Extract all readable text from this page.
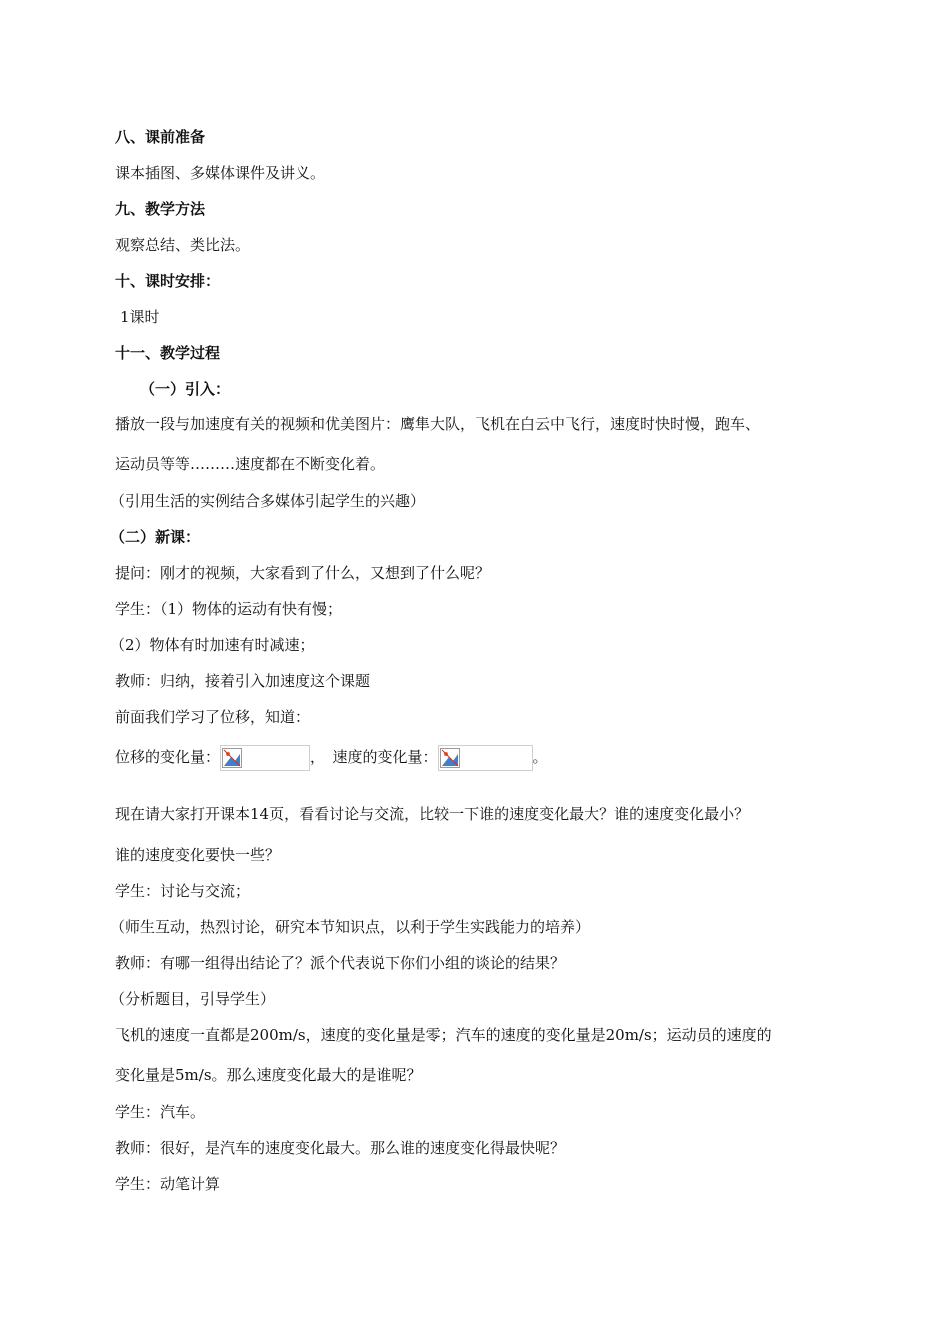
八、课前准备
课本插图、多媒体课件及讲义。
九、教学方法
观察总结、类比法。
十、课时安排：
1课时
十一、教学过程
（一）引入：
播放一段与加速度有关的视频和优美图片：鹰隼大队，飞机在白云中飞行，速度时快时慢，跑车、
运动员等等………速度都在不断变化着。
（引用生活的实例结合多媒体引起学生的兴趣）
（二）新课：
提问：刚才的视频，大家看到了什么，又想到了什么呢？
学生：（1）物体的运动有快有慢；
（2）物体有时加速有时减速；
教师：归纳，接着引入加速度这个课题
前面我们学习了位移，知道：
位移的变化量：	，　速度的变化量：	。
现在请大家打开课本14页，看看讨论与交流，比较一下谁的速度变化最大？谁的速度变化最小？
谁的速度变化要快一些？
学生：讨论与交流；
（师生互动，热烈讨论，研究本节知识点，以利于学生实践能力的培养）
教师：有哪一组得出结论了？派个代表说下你们小组的谈论的结果？
（分析题目，引导学生）
飞机的速度一直都是200m/s，速度的变化量是零；汽车的速度的变化量是20m/s；运动员的速度的
变化量是5m/s。那么速度变化最大的是谁呢？
学生：汽车。
教师：很好，是汽车的速度变化最大。那么谁的速度变化得最快呢？
学生：动笔计算
